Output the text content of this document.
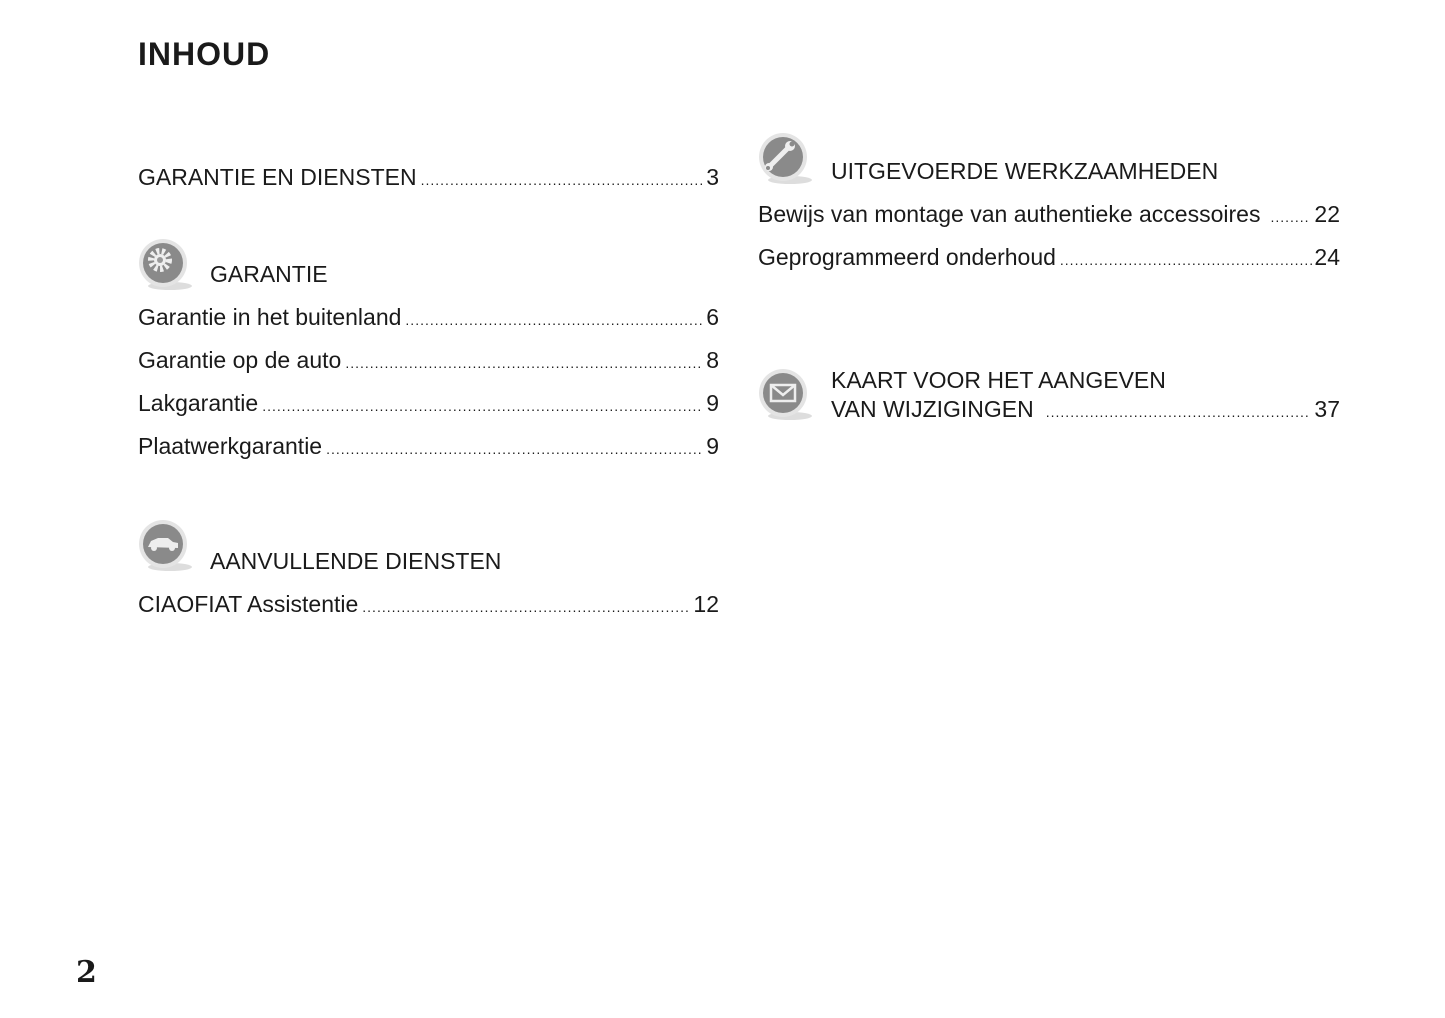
INHOUD
GARANTIE EN DIENSTEN .....	3
GARANTIE
Garantie in het buitenland .....	6
Garantie op de auto .....	8
Lakgarantie .....	9
Plaatwerkgarantie .....	9
AANVULLENDE DIENSTEN
CIAOFIAT Assistentie .....	12
UITGEVOERDE WERKZAAMHEDEN
Bewijs van montage van authentieke accessoires ..... 22
Geprogrammeerd onderhoud .....	24
KAART VOOR HET AANGEVEN
VAN WIJZIGINGEN .....	37
2
